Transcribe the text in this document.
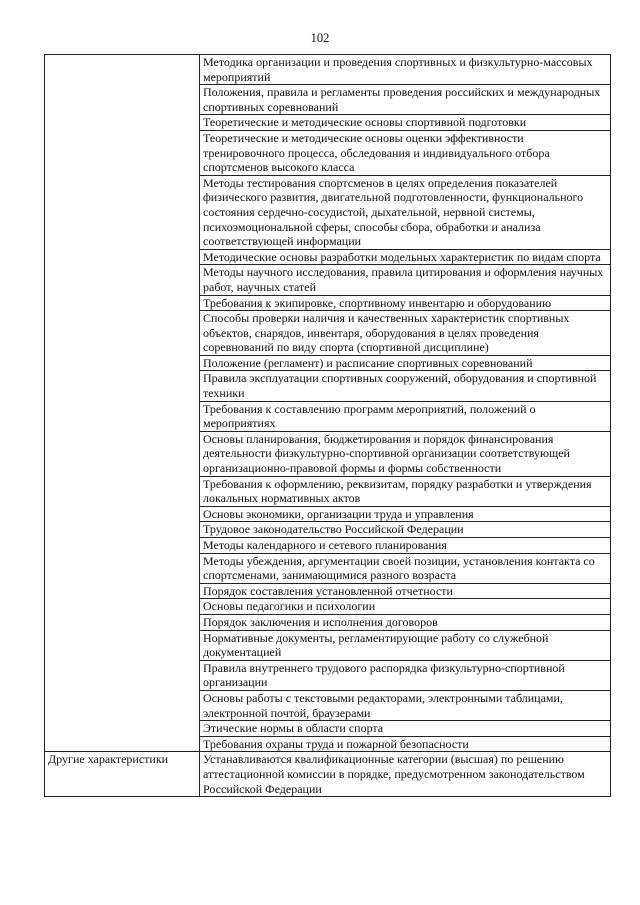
102
	Методика организации и проведения спортивных и физкультурно-массовых мероприятий
	Положения, правила и регламенты проведения российских и международных спортивных соревнований
	Теоретические и методические основы спортивной подготовки
	Теоретические и методические основы оценки эффективности тренировочного процесса, обследования и индивидуального отбора спортсменов высокого класса
	Методы тестирования спортсменов в целях определения показателей физического развития, двигательной подготовленности, функционального состояния сердечно-сосудистой, дыхательной, нервной системы, психоэмоциональной сферы, способы сбора, обработки и анализа соответствующей информации
	Методические основы разработки модельных характеристик по видам спорта
	Методы научного исследования, правила цитирования и оформления научных работ, научных статей
	Требования к экипировке, спортивному инвентарю и оборудованию
	Способы проверки наличия и качественных характеристик спортивных объектов, снарядов, инвентаря, оборудования в целях проведения соревнований по виду спорта (спортивной дисциплине)
	Положение (регламент) и расписание спортивных соревнований
	Правила эксплуатации спортивных сооружений, оборудования и спортивной техники
	Требования к составлению программ мероприятий, положений о мероприятиях
	Основы планирования, бюджетирования и порядок финансирования деятельности физкультурно-спортивной организации соответствующей организационно-правовой формы и формы собственности
	Требования к оформлению, реквизитам, порядку разработки и утверждения локальных нормативных актов
	Основы экономики, организации труда и управления
	Трудовое законодательство Российской Федерации
	Методы календарного и сетевого планирования
	Методы убеждения, аргументации своей позиции, установления контакта со спортсменами, занимающимися разного возраста
	Порядок составления установленной отчетности
	Основы педагогики и психологии
	Порядок заключения и исполнения договоров
	Нормативные документы, регламентирующие работу со служебной документацией
	Правила внутреннего трудового распорядка физкультурно-спортивной организации
	Основы работы с текстовыми редакторами, электронными таблицами, электронной почтой, браузерами
	Этические нормы в области спорта
	Требования охраны труда и пожарной безопасности
Другие характеристики	Устанавливаются квалификационные категории (высшая) по решению аттестационной комиссии в порядке, предусмотренном законодательством Российской Федерации
